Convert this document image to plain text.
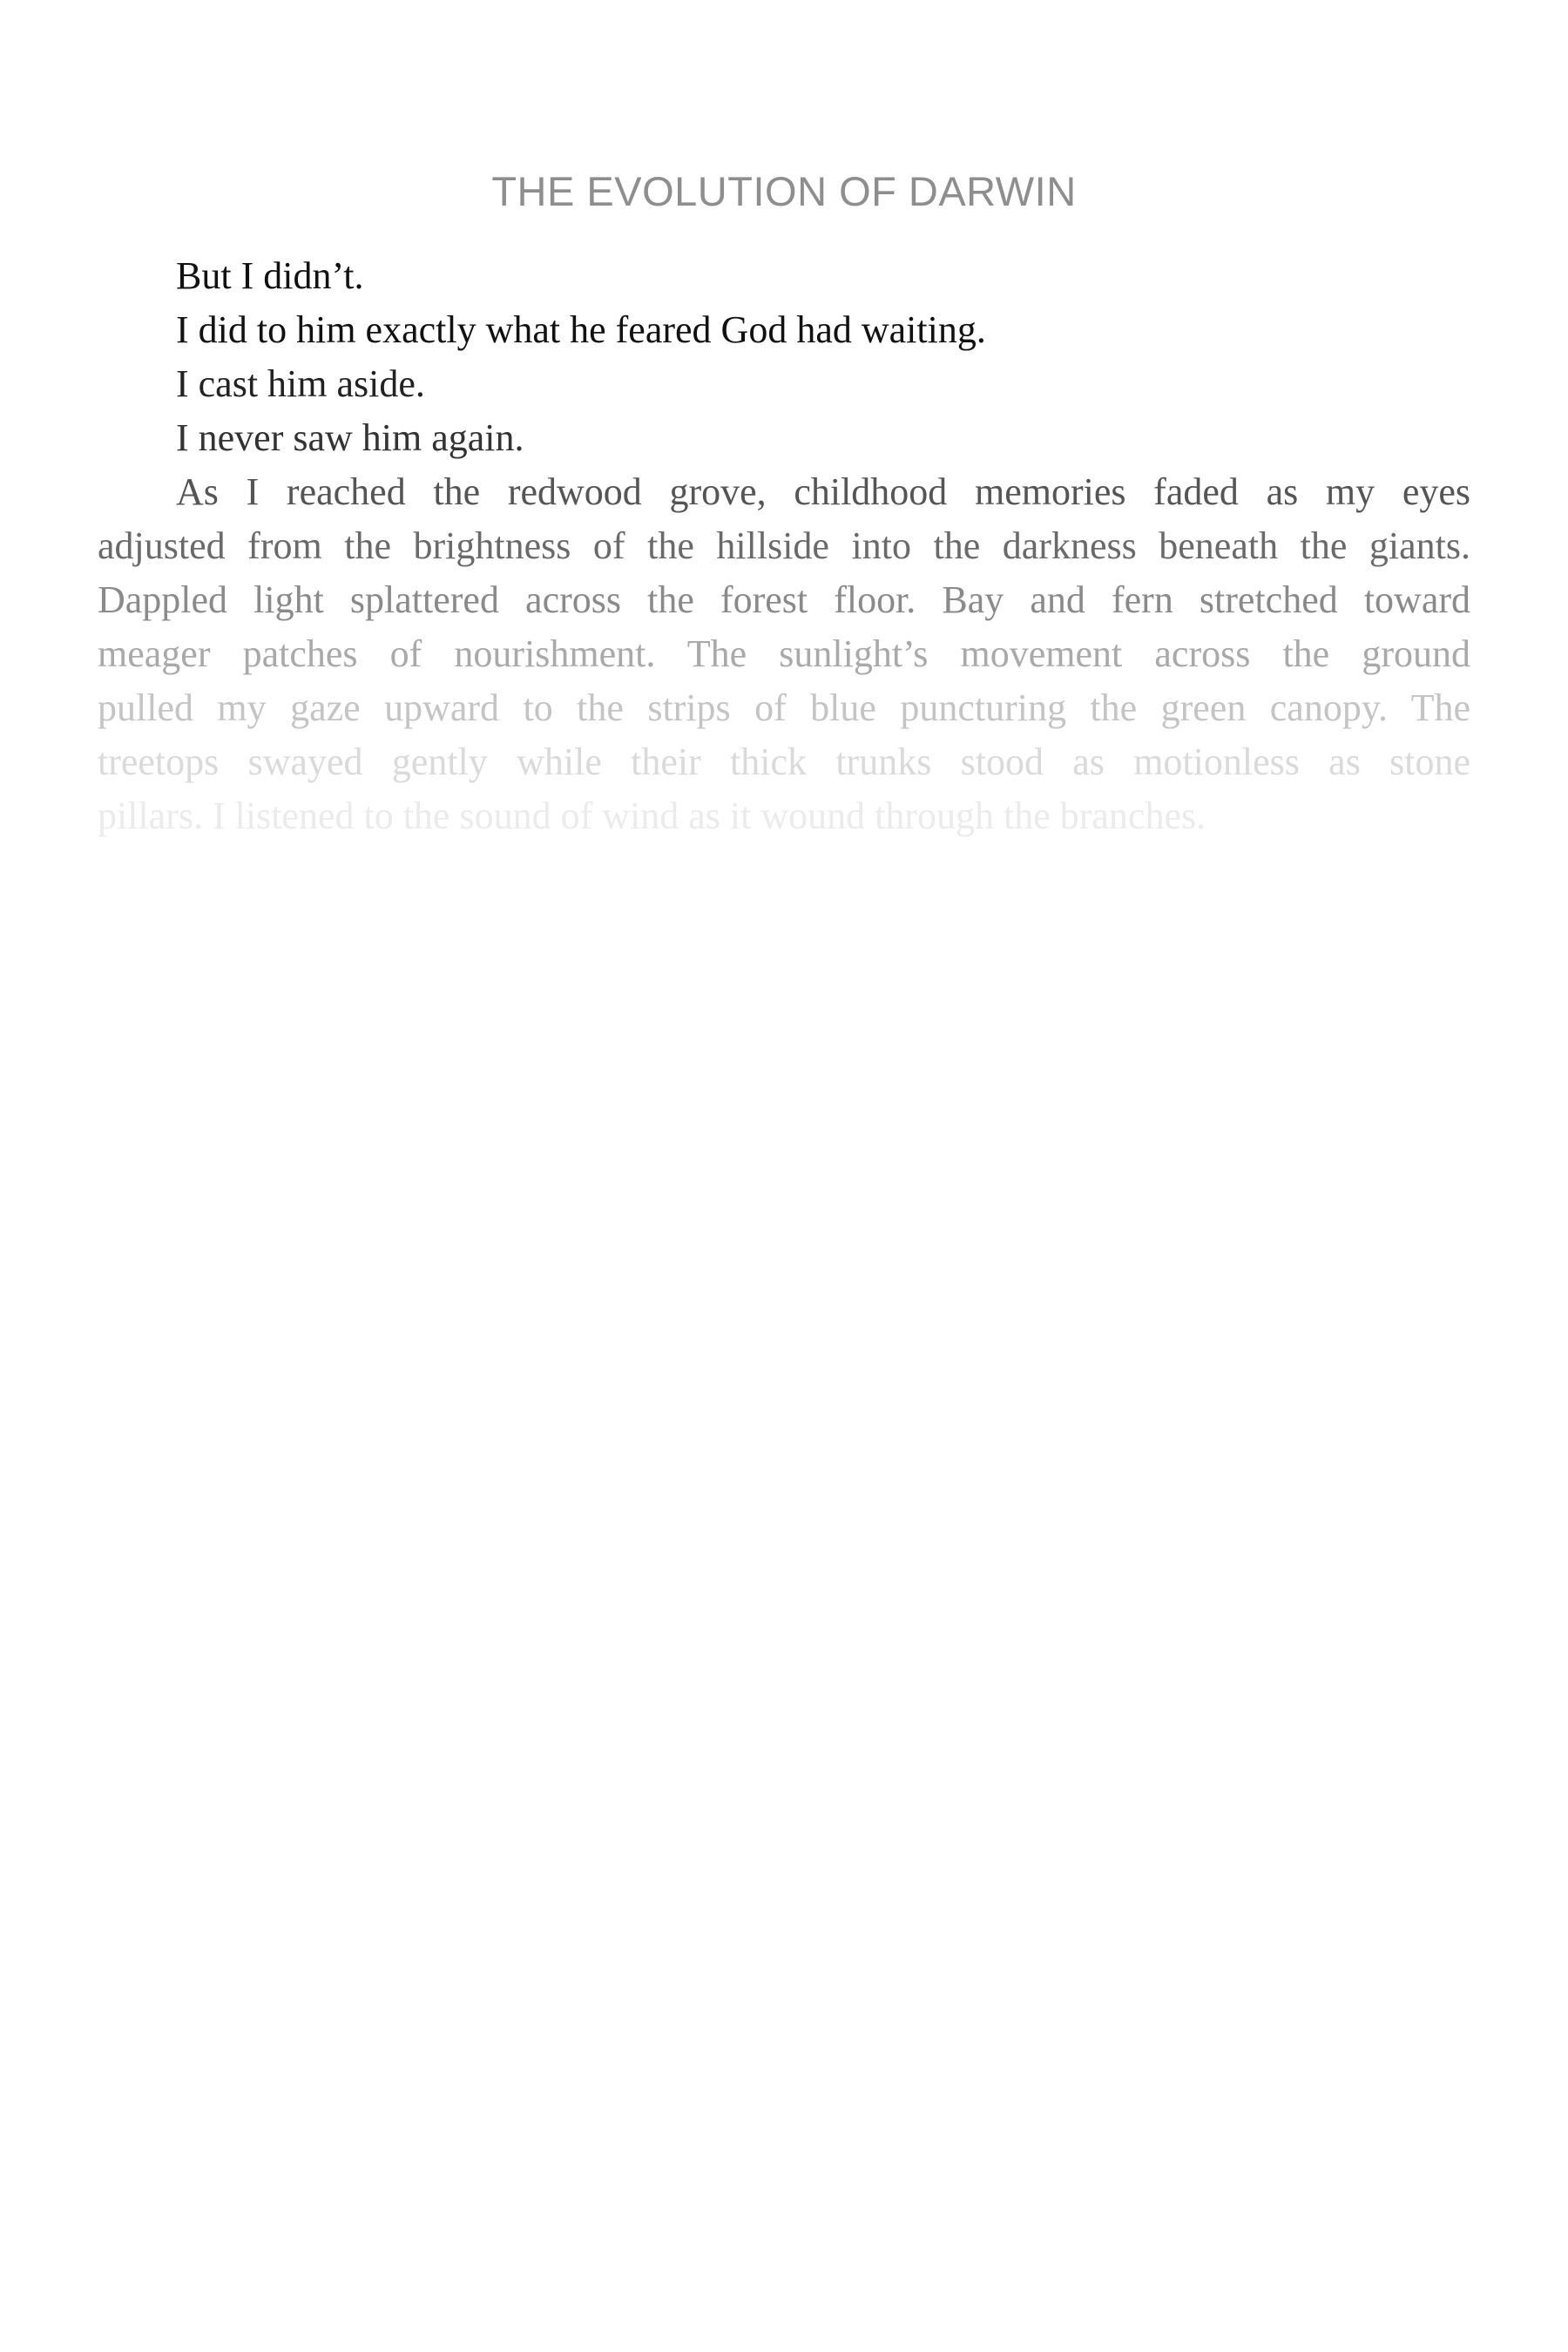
THE EVOLUTION OF DARWIN
But I didn’t.
I did to him exactly what he feared God had waiting.
I cast him aside.
I never saw him again.
As I reached the redwood grove, childhood memories faded as my eyes
adjusted from the brightness of the hillside into the darkness beneath the giants.
Dappled light splattered across the forest floor. Bay and fern stretched toward
meager patches of nourishment. The sunlight’s movement across the ground
pulled my gaze upward to the strips of blue puncturing the green canopy. The
treetops swayed gently while their thick trunks stood as motionless as stone
pillars. I listened to the sound of wind as it wound through the branches.
